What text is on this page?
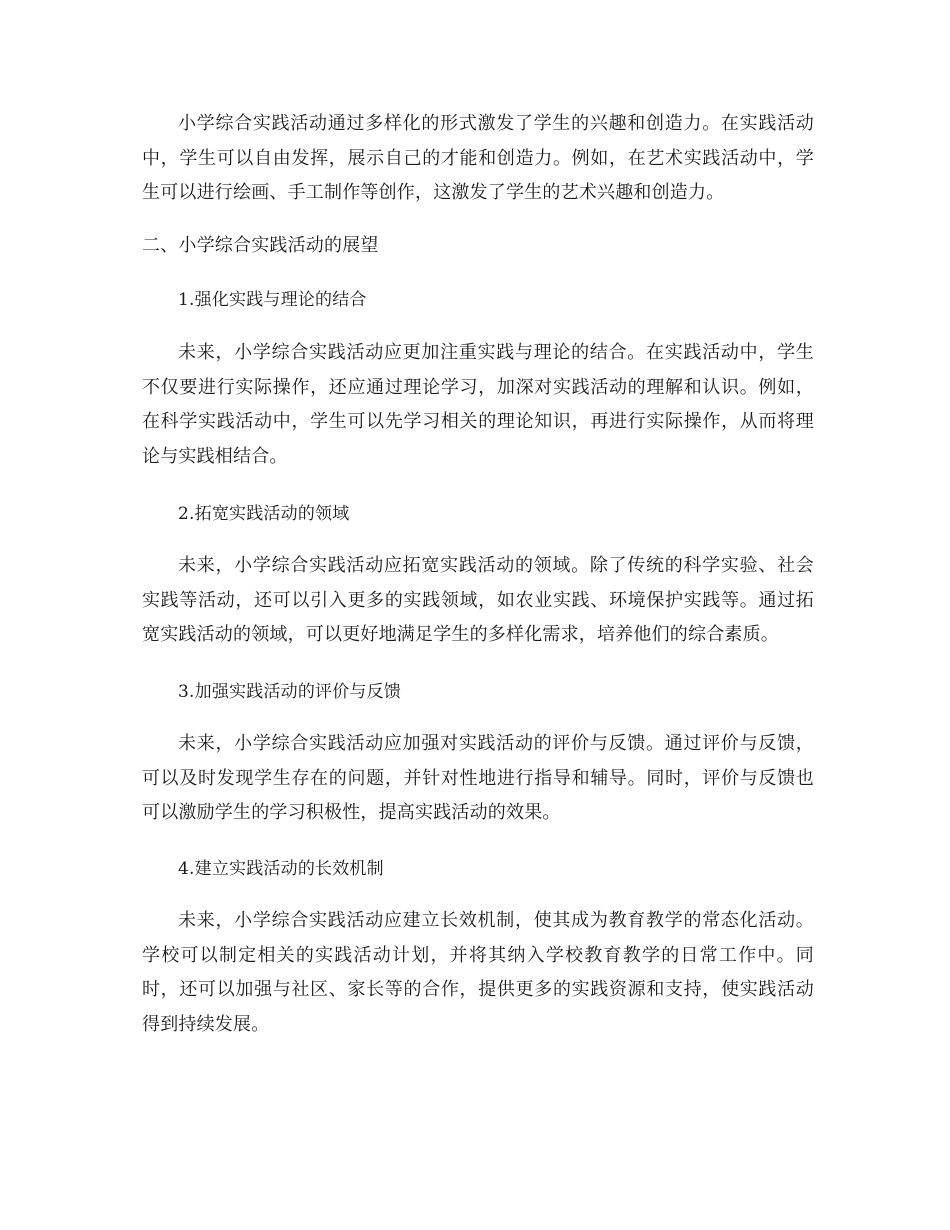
小学综合实践活动通过多样化的形式激发了学生的兴趣和创造力。在实践活动中，学生可以自由发挥，展示自己的才能和创造力。例如，在艺术实践活动中，学生可以进行绘画、手工制作等创作，这激发了学生的艺术兴趣和创造力。

二、小学综合实践活动的展望

1.强化实践与理论的结合

未来，小学综合实践活动应更加注重实践与理论的结合。在实践活动中，学生不仅要进行实际操作，还应通过理论学习，加深对实践活动的理解和认识。例如，在科学实践活动中，学生可以先学习相关的理论知识，再进行实际操作，从而将理论与实践相结合。

2.拓宽实践活动的领域

未来，小学综合实践活动应拓宽实践活动的领域。除了传统的科学实验、社会实践等活动，还可以引入更多的实践领域，如农业实践、环境保护实践等。通过拓宽实践活动的领域，可以更好地满足学生的多样化需求，培养他们的综合素质。

3.加强实践活动的评价与反馈

未来，小学综合实践活动应加强对实践活动的评价与反馈。通过评价与反馈，可以及时发现学生存在的问题，并针对性地进行指导和辅导。同时，评价与反馈也可以激励学生的学习积极性，提高实践活动的效果。

4.建立实践活动的长效机制

未来，小学综合实践活动应建立长效机制，使其成为教育教学的常态化活动。学校可以制定相关的实践活动计划，并将其纳入学校教育教学的日常工作中。同时，还可以加强与社区、家长等的合作，提供更多的实践资源和支持，使实践活动得到持续发展。
